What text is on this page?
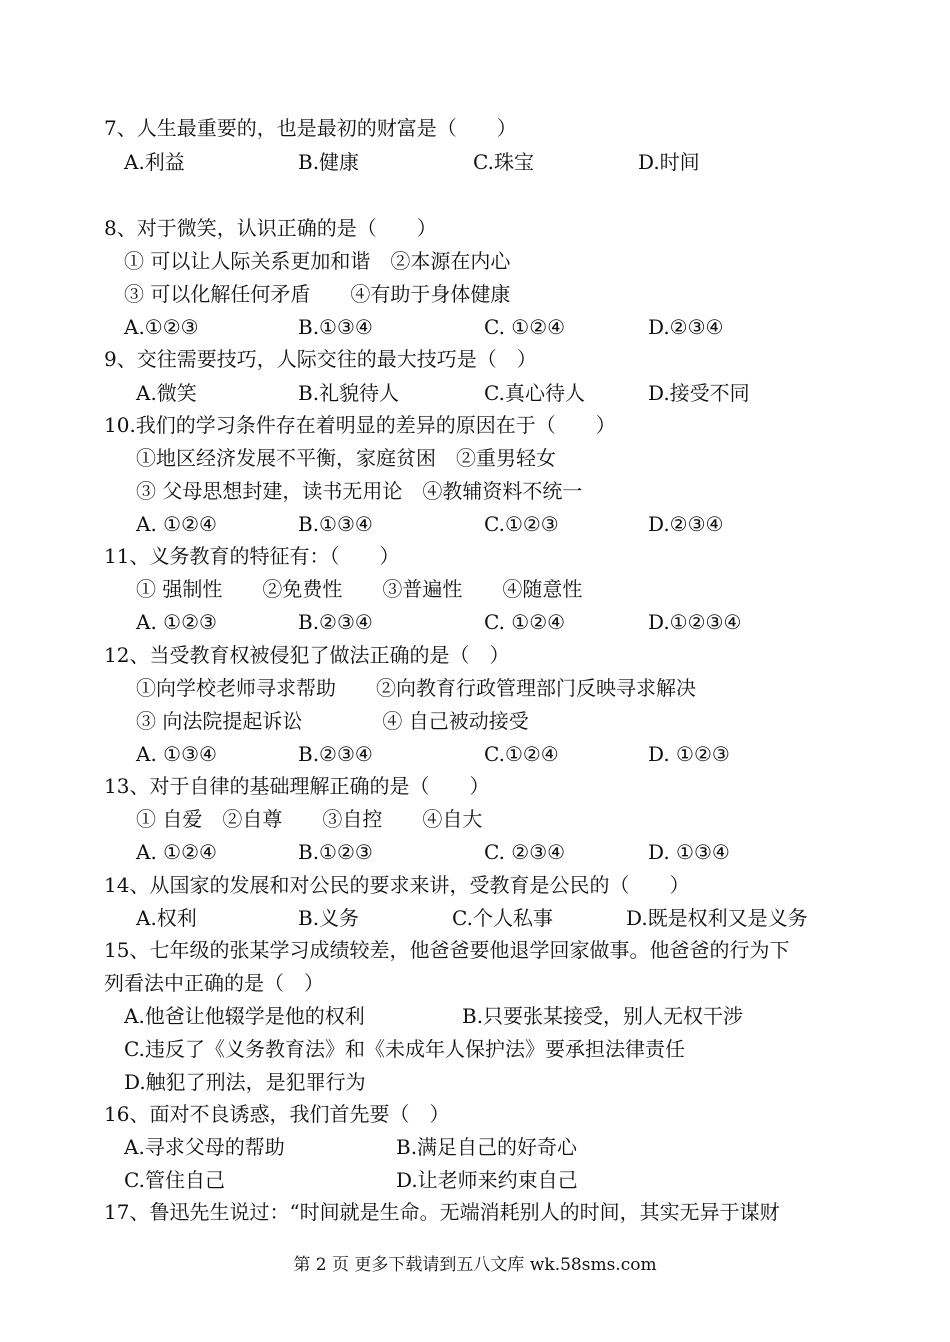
7、人生最重要的，也是最初的财富是（　　）
A.利益	B.健康	C.珠宝	D.时间
8、对于微笑，认识正确的是（　　）
① 可以让人际关系更加和谐　②本源在内心
③ 可以化解任何矛盾　　④有助于身体健康
A.①②③	B.①③④	C. ①②④	D.②③④
9、交往需要技巧，人际交往的最大技巧是（　）
A.微笑	B.礼貌待人	C.真心待人	D.接受不同
10.我们的学习条件存在着明显的差异的原因在于（　　）
①地区经济发展不平衡，家庭贫困　②重男轻女
③ 父母思想封建，读书无用论　④教辅资料不统一
A. ①②④	B.①③④	C.①②③	D.②③④
11、义务教育的特征有：（　　）
① 强制性　　②免费性　　③普遍性　　④随意性
A. ①②③	B.②③④	C. ①②④	D.①②③④
12、当受教育权被侵犯了做法正确的是（　）
①向学校老师寻求帮助　　②向教育行政管理部门反映寻求解决
③ 向法院提起诉讼　　　　④ 自己被动接受
A. ①③④	B.②③④	C.①②④	D. ①②③
13、对于自律的基础理解正确的是（　　）
① 自爱　②自尊　　③自控　　④自大
A. ①②④	B.①②③	C. ②③④	D. ①③④
14、从国家的发展和对公民的要求来讲，受教育是公民的（　　）
A.权利	B.义务	C.个人私事	D.既是权利又是义务
15、七年级的张某学习成绩较差，他爸爸要他退学回家做事。他爸爸的行为下
列看法中正确的是（　）
A.他爸让他辍学是他的权利	B.只要张某接受，别人无权干涉
C.违反了《义务教育法》和《未成年人保护法》要承担法律责任
D.触犯了刑法，是犯罪行为
16、面对不良诱惑，我们首先要（　）
A.寻求父母的帮助	B.满足自己的好奇心
C.管住自己	D.让老师来约束自己
17、鲁迅先生说过：“时间就是生命。无端消耗别人的时间，其实无异于谋财
第 2 页 更多下载请到五八文库 wk.58sms.com
